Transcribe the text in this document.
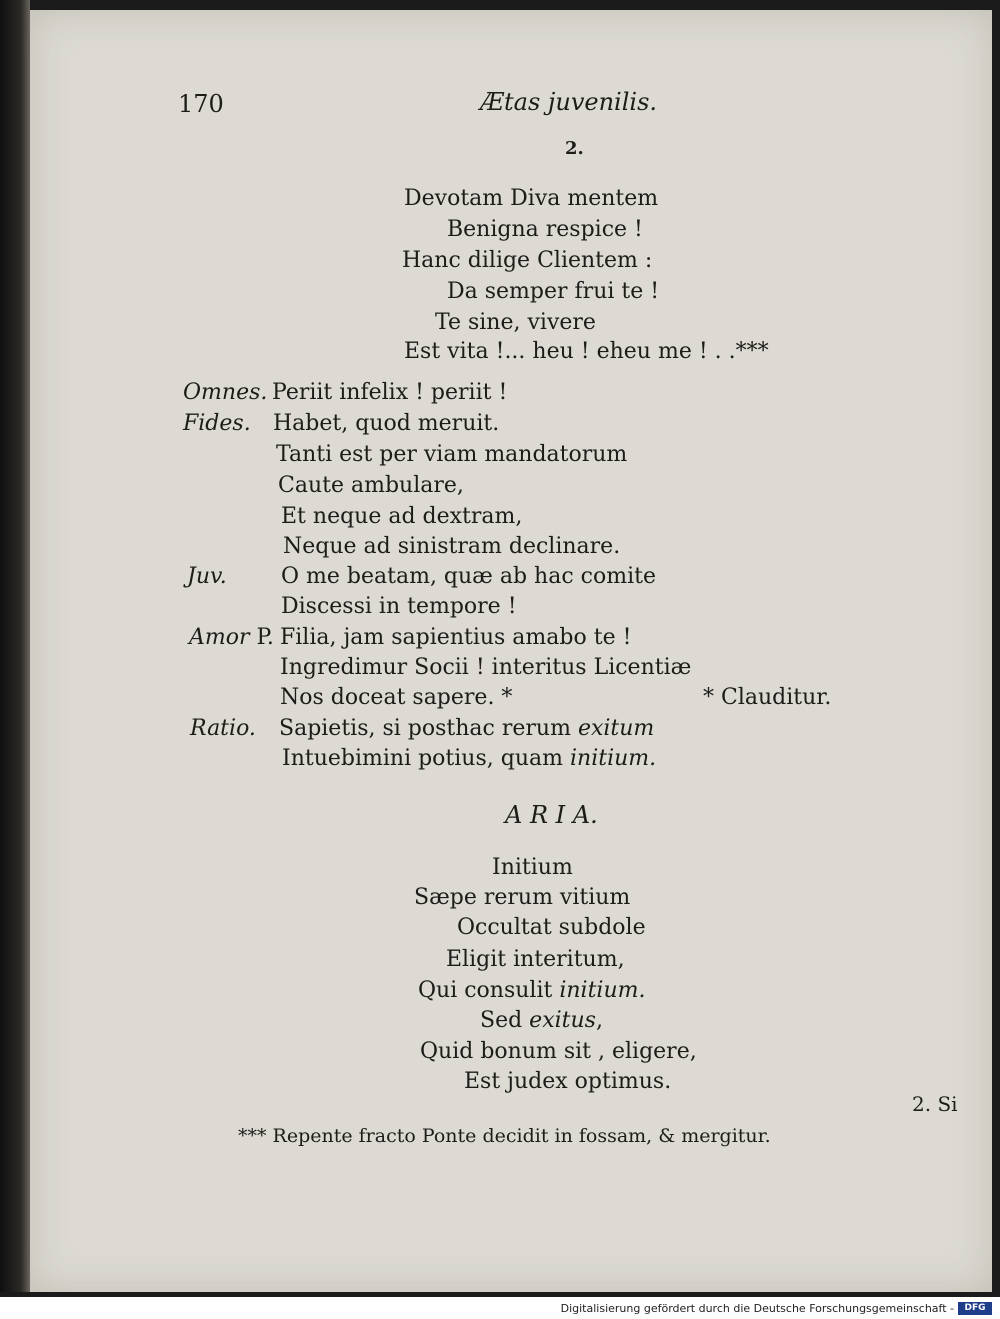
170	Ætas juvenilis.
2.
Devotam Diva mentem
Benigna respice !
Hanc dilige Clientem :
Da semper frui te !
Te sine, vivere
Est vita !... heu ! eheu me ! . .***
Omnes. Periit infelix ! periit !
Fides. Habet, quod meruit.
Tanti est per viam mandatorum
Caute ambulare,
Et neque ad dextram,
Neque ad sinistram declinare.
Juv. O me beatam, quæ ab hac comite
Discessi in tempore !
Amor P. Filia, jam sapientius amabo te !
Ingredimur Socii ! interitus Licentiæ
Nos doceat sapere. *	* Clauditur.
Ratio. Sapietis, si posthac rerum exitum
Intuebimini potius, quam initium.
A R I A.
Initium
Sæpe rerum vitium
Occultat subdole
Eligit interitum,
Qui consulit initium.
Sed exitus,
Quid bonum sit , eligere,
Est judex optimus.
2. Si
*** Repente fracto Ponte decidit in fossam, & mergitur.
Digitalisierung gefördert durch die Deutsche Forschungsgemeinschaft -	DFG
